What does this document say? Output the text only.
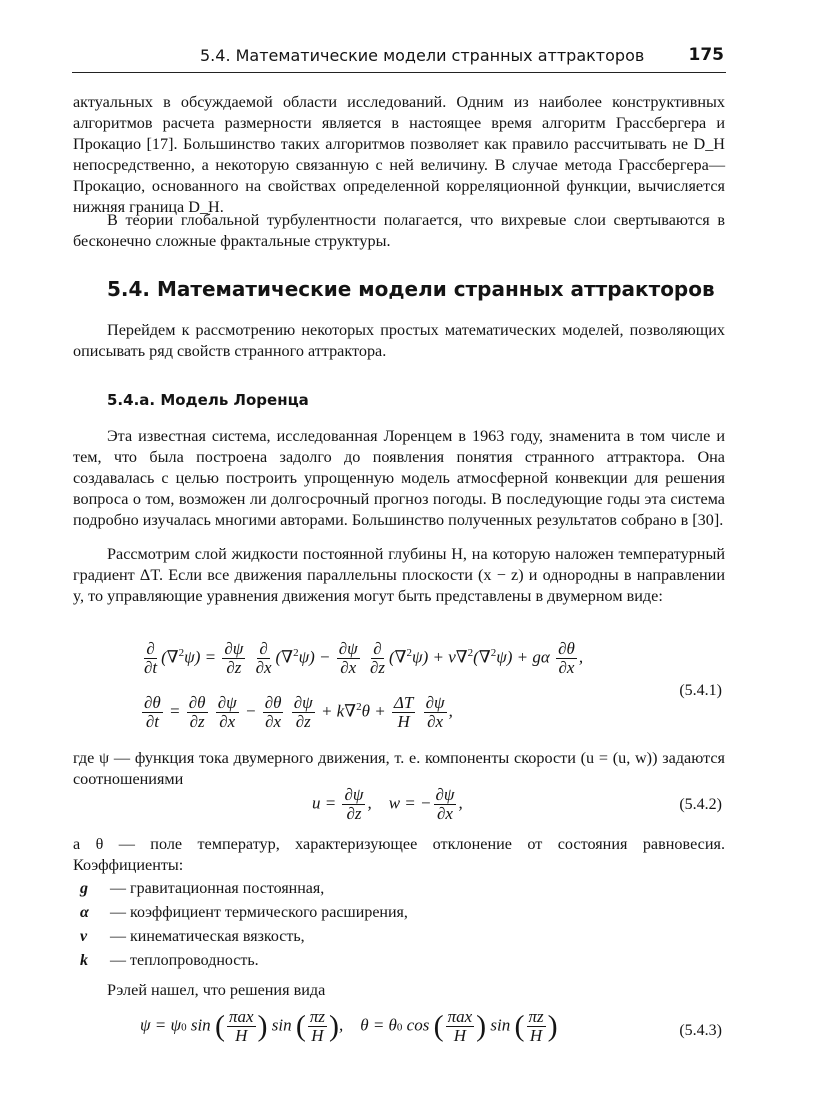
5.4. Математические модели странных аттракторов	175
актуальных в обсуждаемой области исследований. Одним из наиболее конструктивных алгоритмов расчета размерности является в настоящее время алгоритм Грассбергера и Прокацио [17]. Большинство таких алгоритмов позволяет как правило рассчитывать не D_H непосредственно, а некоторую связанную с ней величину. В случае метода Грассбергера—Прокацио, основанного на свойствах определенной корреляционной функции, вычисляется нижняя граница D_H.
В теории глобальной турбулентности полагается, что вихревые слои свертываются в бесконечно сложные фрактальные структуры.
5.4. Математические модели странных аттракторов
Перейдем к рассмотрению некоторых простых математических моделей, позволяющих описывать ряд свойств странного аттрактора.
5.4.а. Модель Лоренца
Эта известная система, исследованная Лоренцем в 1963 году, знаменита в том числе и тем, что была построена задолго до появления понятия странного аттрактора. Она создавалась с целью построить упрощенную модель атмосферной конвекции для решения вопроса о том, возможен ли долгосрочный прогноз погоды. В последующие годы эта система подробно изучалась многими авторами. Большинство полученных результатов собрано в [30].
Рассмотрим слой жидкости постоянной глубины H, на которую наложен температурный градиент ΔT. Если все движения параллельны плоскости (x − z) и однородны в направлении y, то управляющие уравнения движения могут быть представлены в двумерном виде:
$\frac{\partial}{\partial t} (\nabla^2\psi) = \frac{\partial\psi}{\partial z}$
$\frac{\partial}{\partial x} (\nabla^2\psi) - \frac{\partial\psi}{\partial x}$
$\frac{\partial}{\partial z} (\nabla^2\psi) + \nu\nabla^2(\nabla^2\psi) + g\alpha \frac{\partial\theta}{\partial x}$ ,
$\frac{\partial\theta}{\partial t} = \frac{\partial\theta}{\partial z}$
$\frac{\partial\psi}{\partial x} - \frac{\partial\theta}{\partial x}$
$\frac{\partial\psi}{\partial z} + k\nabla^2\theta + \frac{\Delta T}{H}$
$\frac{\partial\psi}{\partial x}$ ,
(5.4.1)
где ψ — функция тока двумерного движения, т. е. компоненты скорости (u = (u, w)) задаются соотношениями
$u = \frac{\partial\psi}{\partial z}$ ,    w = − $\frac{\partial\psi}{\partial x}$ ,	(5.4.2)
а θ — поле температур, характеризующее отклонение от состояния равновесия. Коэффициенты:
g — гравитационная постоянная,
α — коэффициент термического расширения,
ν — кинематическая вязкость,
k — теплопроводность.
Рэлей нашел, что решения вида
ψ = ψ0 sin ( $\frac{\text{πax}}{H}$ ) sin ( $\frac{\pi z}{H}$ ),    θ = θ0 cos ( $\frac{\text{πax}}{H}$ ) sin ( $\frac{\pi z}{H}$ )	(5.4.3)
